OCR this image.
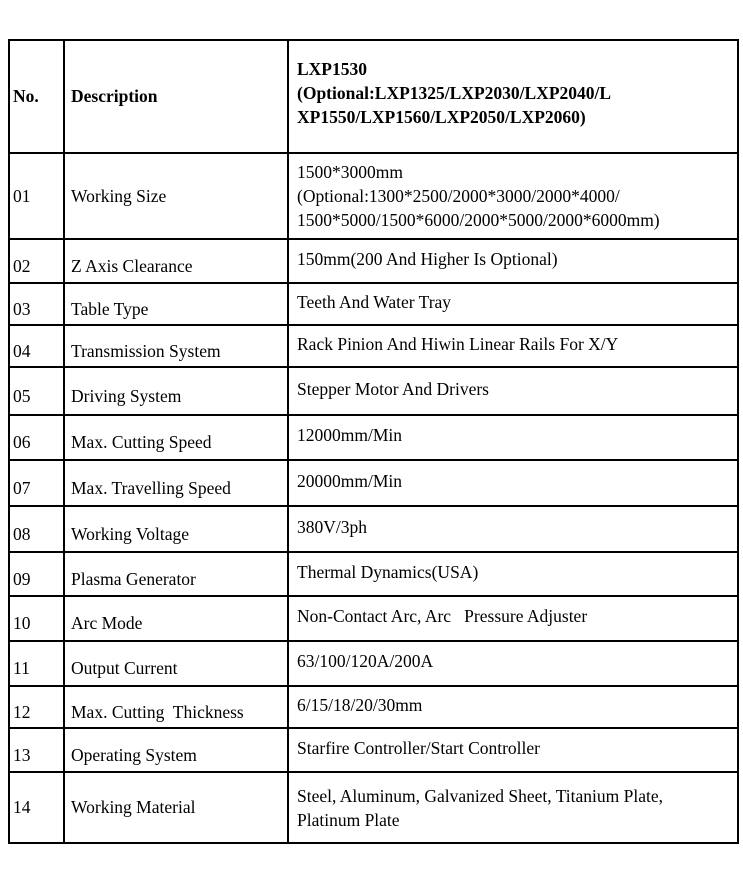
No.	Description	LXP1530
(Optional:LXP1325/LXP2030/LXP2040/L
XP1550/LXP1560/LXP2050/LXP2060)

01	Working Size	1500*3000mm
(Optional:1300*2500/2000*3000/2000*4000/
1500*5000/1500*6000/2000*5000/2000*6000mm)

02	Z Axis Clearance	150mm(200 And Higher Is Optional)
03	Table Type	Teeth And Water Tray
04	Transmission System	Rack Pinion And Hiwin Linear Rails For X/Y
05	Driving System	Stepper Motor And Drivers
06	Max. Cutting Speed	12000mm/Min
07	Max. Travelling Speed	20000mm/Min
08	Working Voltage	380V/3ph
09	Plasma Generator	Thermal Dynamics(USA)
10	Arc Mode	Non-Contact Arc, Arc   Pressure Adjuster
11	Output Current	63/100/120A/200A
12	Max. Cutting  Thickness	6/15/18/20/30mm
13	Operating System	Starfire Controller/Start Controller
14	Working Material	Steel, Aluminum, Galvanized Sheet, Titanium Plate,
Platinum Plate
